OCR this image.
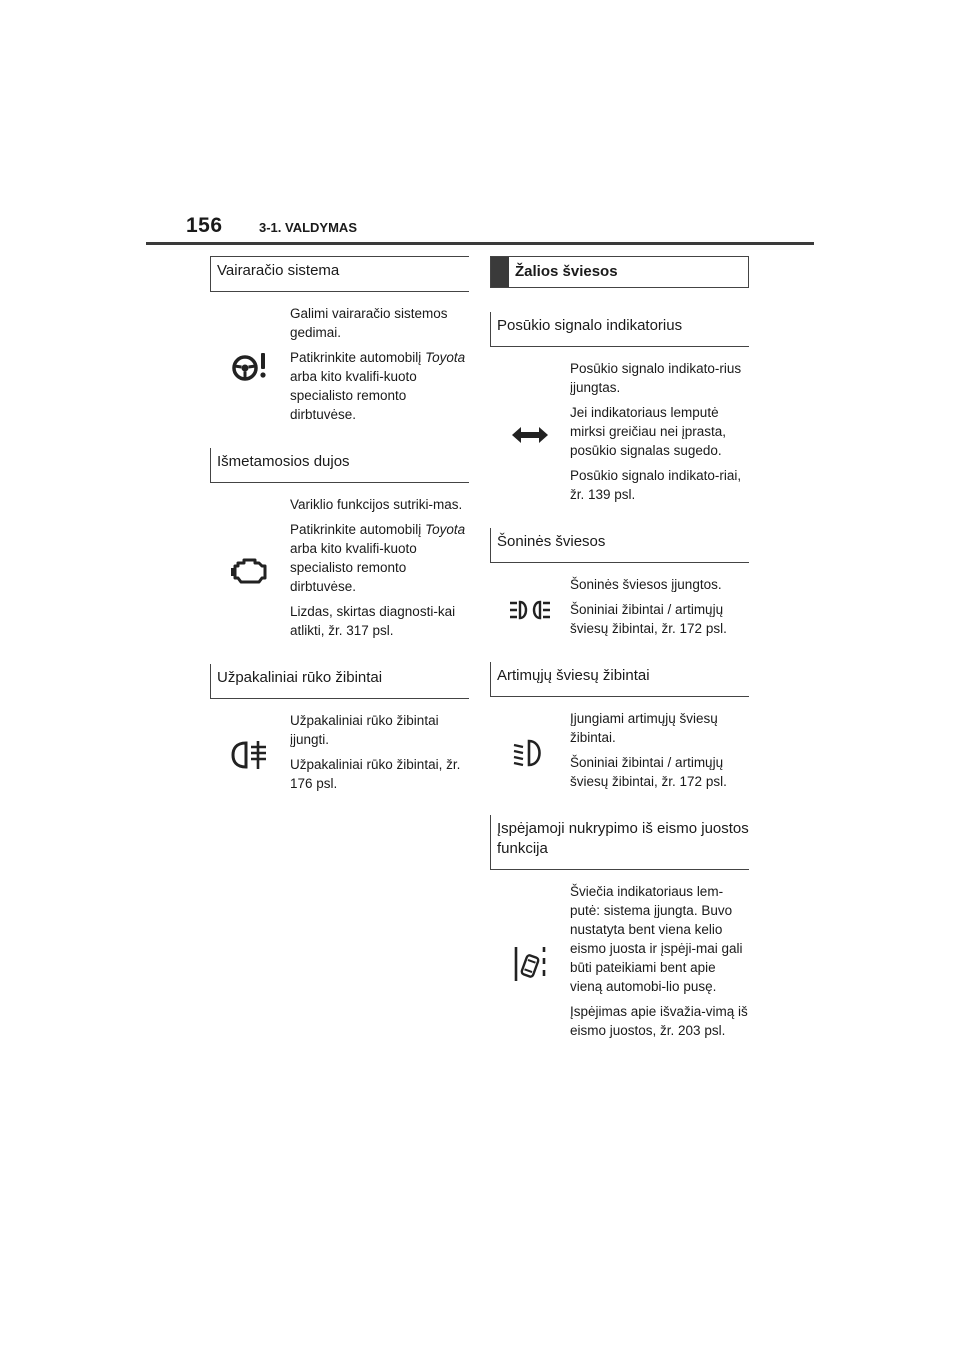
156	3-1. VALDYMAS
Vairaračio sistema

Galimi vairaračio sistemos gedimai.

Patikrinkite automobilį Toyota arba kito kvalifi-kuoto specialisto remonto dirbtuvėse.

Išmetamosios dujos

Variklio funkcijos sutriki-mas.

Patikrinkite automobilį Toyota arba kito kvalifi-kuoto specialisto remonto dirbtuvėse.

Lizdas, skirtas diagnosti-kai atlikti, žr. 317 psl.

Užpakaliniai rūko žibintai

Užpakaliniai rūko žibintai įjungti.

Užpakaliniai rūko žibintai, žr. 176 psl.

Žalios šviesos
Posūkio signalo indikatorius

Posūkio signalo indikato-rius įjungtas.

Jei indikatoriaus lemputė mirksi greičiau nei įprasta, posūkio signalas sugedo.

Posūkio signalo indikato-riai, žr. 139 psl.

Šoninės šviesos

Šoninės šviesos įjungtos.

Šoniniai žibintai / artimųjų šviesų žibintai, žr. 172 psl.

Artimųjų šviesų žibintai

Įjungiami artimųjų šviesų žibintai.

Šoniniai žibintai / artimųjų šviesų žibintai, žr. 172 psl.

Įspėjamoji nukrypimo iš eismo juostos funkcija

Šviečia indikatoriaus lem-putė: sistema įjungta. Buvo nustatyta bent viena kelio eismo juosta ir įspėji-mai gali būti pateikiami bent apie vieną automobi-lio pusę.

Įspėjimas apie išvažia-vimą iš eismo juostos, žr. 203 psl.
